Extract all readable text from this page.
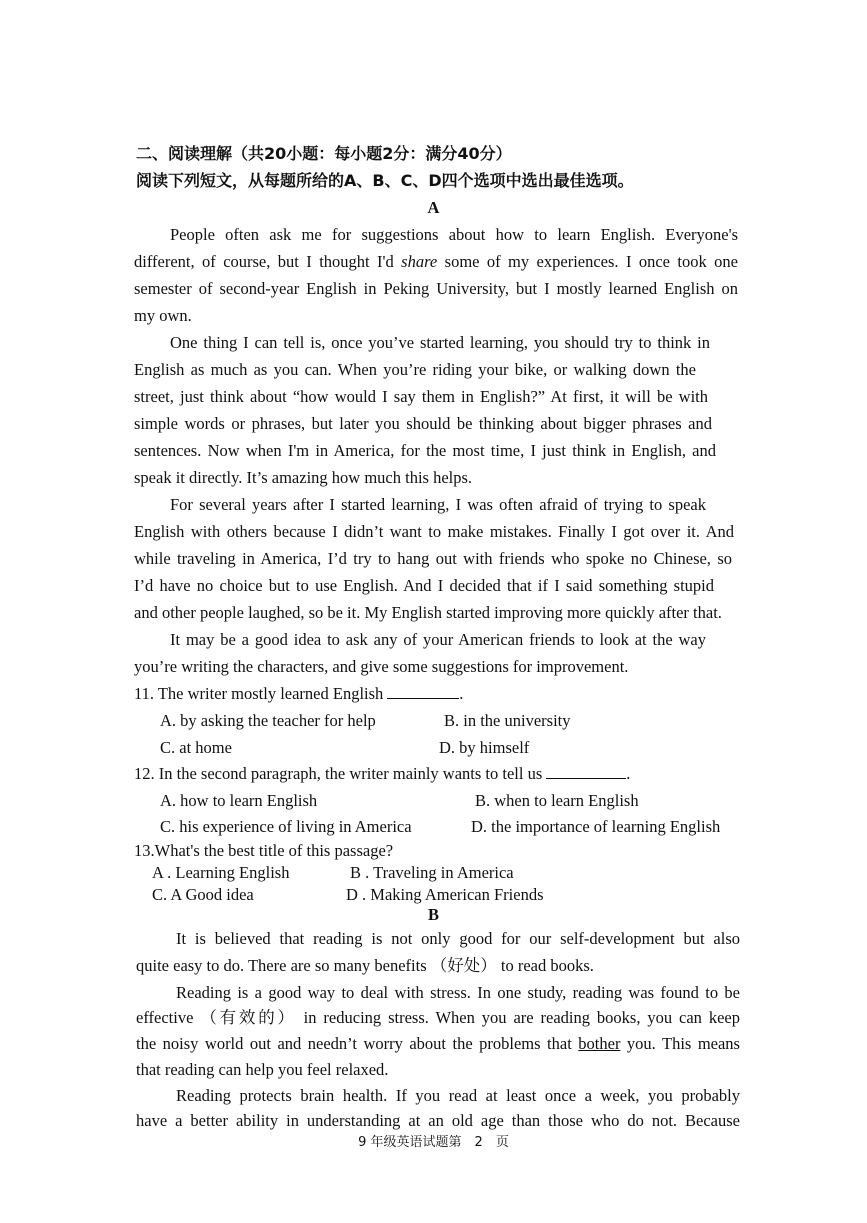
二、阅读理解（共20小题：每小题2分：满分40分）
阅读下列短文，从每题所给的A、B、C、D四个选项中选出最佳选项。
A
People often ask me for suggestions about how to learn English. Everyone's
different, of course, but I thought I'd share some of my experiences. I once took one
semester of second-year English in Peking University, but I mostly learned English on
my own.
One thing I can tell is, once you’ve started learning, you should try to think in
English as much as you can. When you’re riding your bike, or walking down the
street, just think about “how would I say them in English?” At first, it will be with
simple words or phrases, but later you should be thinking about bigger phrases and
sentences. Now when I'm in America, for the most time, I just think in English, and
speak it directly. It’s amazing how much this helps.
For several years after I started learning, I was often afraid of trying to speak
English with others because I didn’t want to make mistakes. Finally I got over it. And
while traveling in America, I’d try to hang out with friends who spoke no Chinese, so
I’d have no choice but to use English. And I decided that if I said something stupid
and other people laughed, so be it. My English started improving more quickly after that.
It may be a good idea to ask any of your American friends to look at the way
you’re writing the characters, and give some suggestions for improvement.
11. The writer mostly learned English	.
A. by asking the teacher for help	B. in the university
C. at home	D. by himself
12. In the second paragraph, the writer mainly wants to tell us	.
A. how to learn English	B. when to learn English
C. his experience of living in America	D. the importance of learning English
13.What's the best title of this passage?
A . Learning English	B . Traveling in America
C. A Good idea	D . Making American Friends
B
It is believed that reading is not only good for our self-development but also
quite easy to do. There are so many benefits （好处） to read books.
Reading is a good way to deal with stress. In one study, reading was found to be
effective （有效的） in reducing stress. When you are reading books, you can keep
the noisy world out and needn’t worry about the problems that bother you. This means
that reading can help you feel relaxed.
Reading protects brain health. If you read at least once a week, you probably
have a better ability in understanding at an old age than those who do not. Because
9 年级英语试题第　2　页
